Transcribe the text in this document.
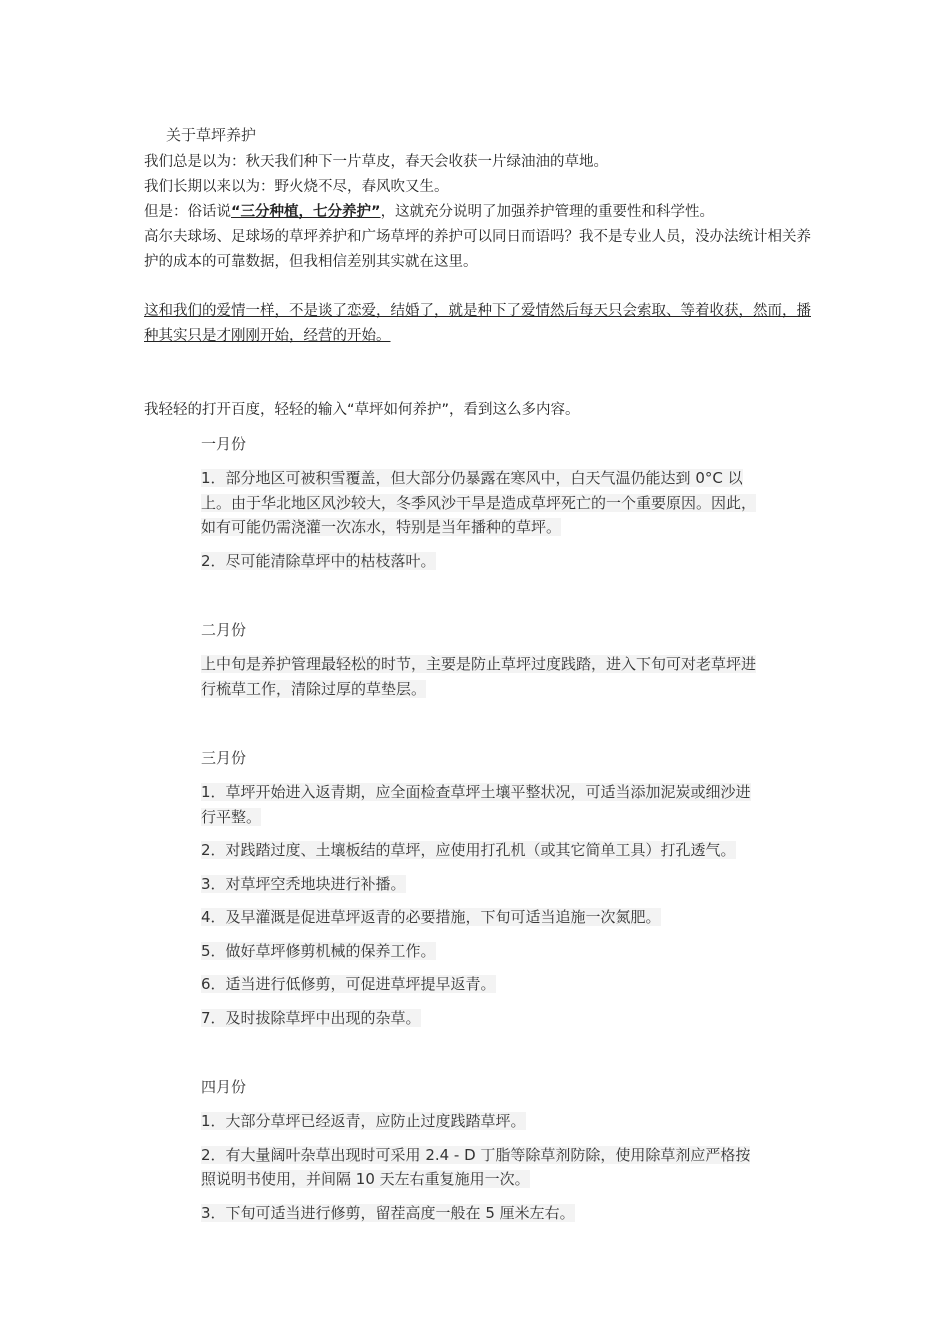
关于草坪养护

我们总是以为：秋天我们种下一片草皮，春天会收获一片绿油油的草地。

我们长期以来以为：野火烧不尽，春风吹又生。

但是：俗话说“三分种植，七分养护”，这就充分说明了加强养护管理的重要性和科学性。

高尔夫球场、足球场的草坪养护和广场草坪的养护可以同日而语吗？我不是专业人员，没办法统计相关养护的成本的可靠数据，但我相信差别其实就在这里。

这和我们的爱情一样，不是谈了恋爱，结婚了，就是种下了爱情然后每天只会索取、等着收获，然而，播种其实只是才刚刚开始，经营的开始。

我轻轻的打开百度，轻轻的输入“草坪如何养护”，看到这么多内容。

一月份

1．部分地区可被积雪覆盖，但大部分仍暴露在寒风中，白天气温仍能达到 0°C 以上。由于华北地区风沙较大，冬季风沙干旱是造成草坪死亡的一个重要原因。因此，如有可能仍需浇灌一次冻水，特别是当年播种的草坪。

2．尽可能清除草坪中的枯枝落叶。

二月份

上中旬是养护管理最轻松的时节，主要是防止草坪过度践踏，进入下旬可对老草坪进行梳草工作，清除过厚的草垫层。

三月份

1．草坪开始进入返青期，应全面检查草坪土壤平整状况，可适当添加泥炭或细沙进行平整。

2．对践踏过度、土壤板结的草坪，应使用打孔机（或其它简单工具）打孔透气。

3．对草坪空秃地块进行补播。

4．及早灌溉是促进草坪返青的必要措施，下旬可适当追施一次氮肥。

5．做好草坪修剪机械的保养工作。

6．适当进行低修剪，可促进草坪提早返青。

7．及时拔除草坪中出现的杂草。

四月份

1．大部分草坪已经返青，应防止过度践踏草坪。

2．有大量阔叶杂草出现时可采用 2.4 - D 丁脂等除草剂防除，使用除草剂应严格按照说明书使用，并间隔 10 天左右重复施用一次。

3．下旬可适当进行修剪，留茬高度一般在 5 厘米左右。
